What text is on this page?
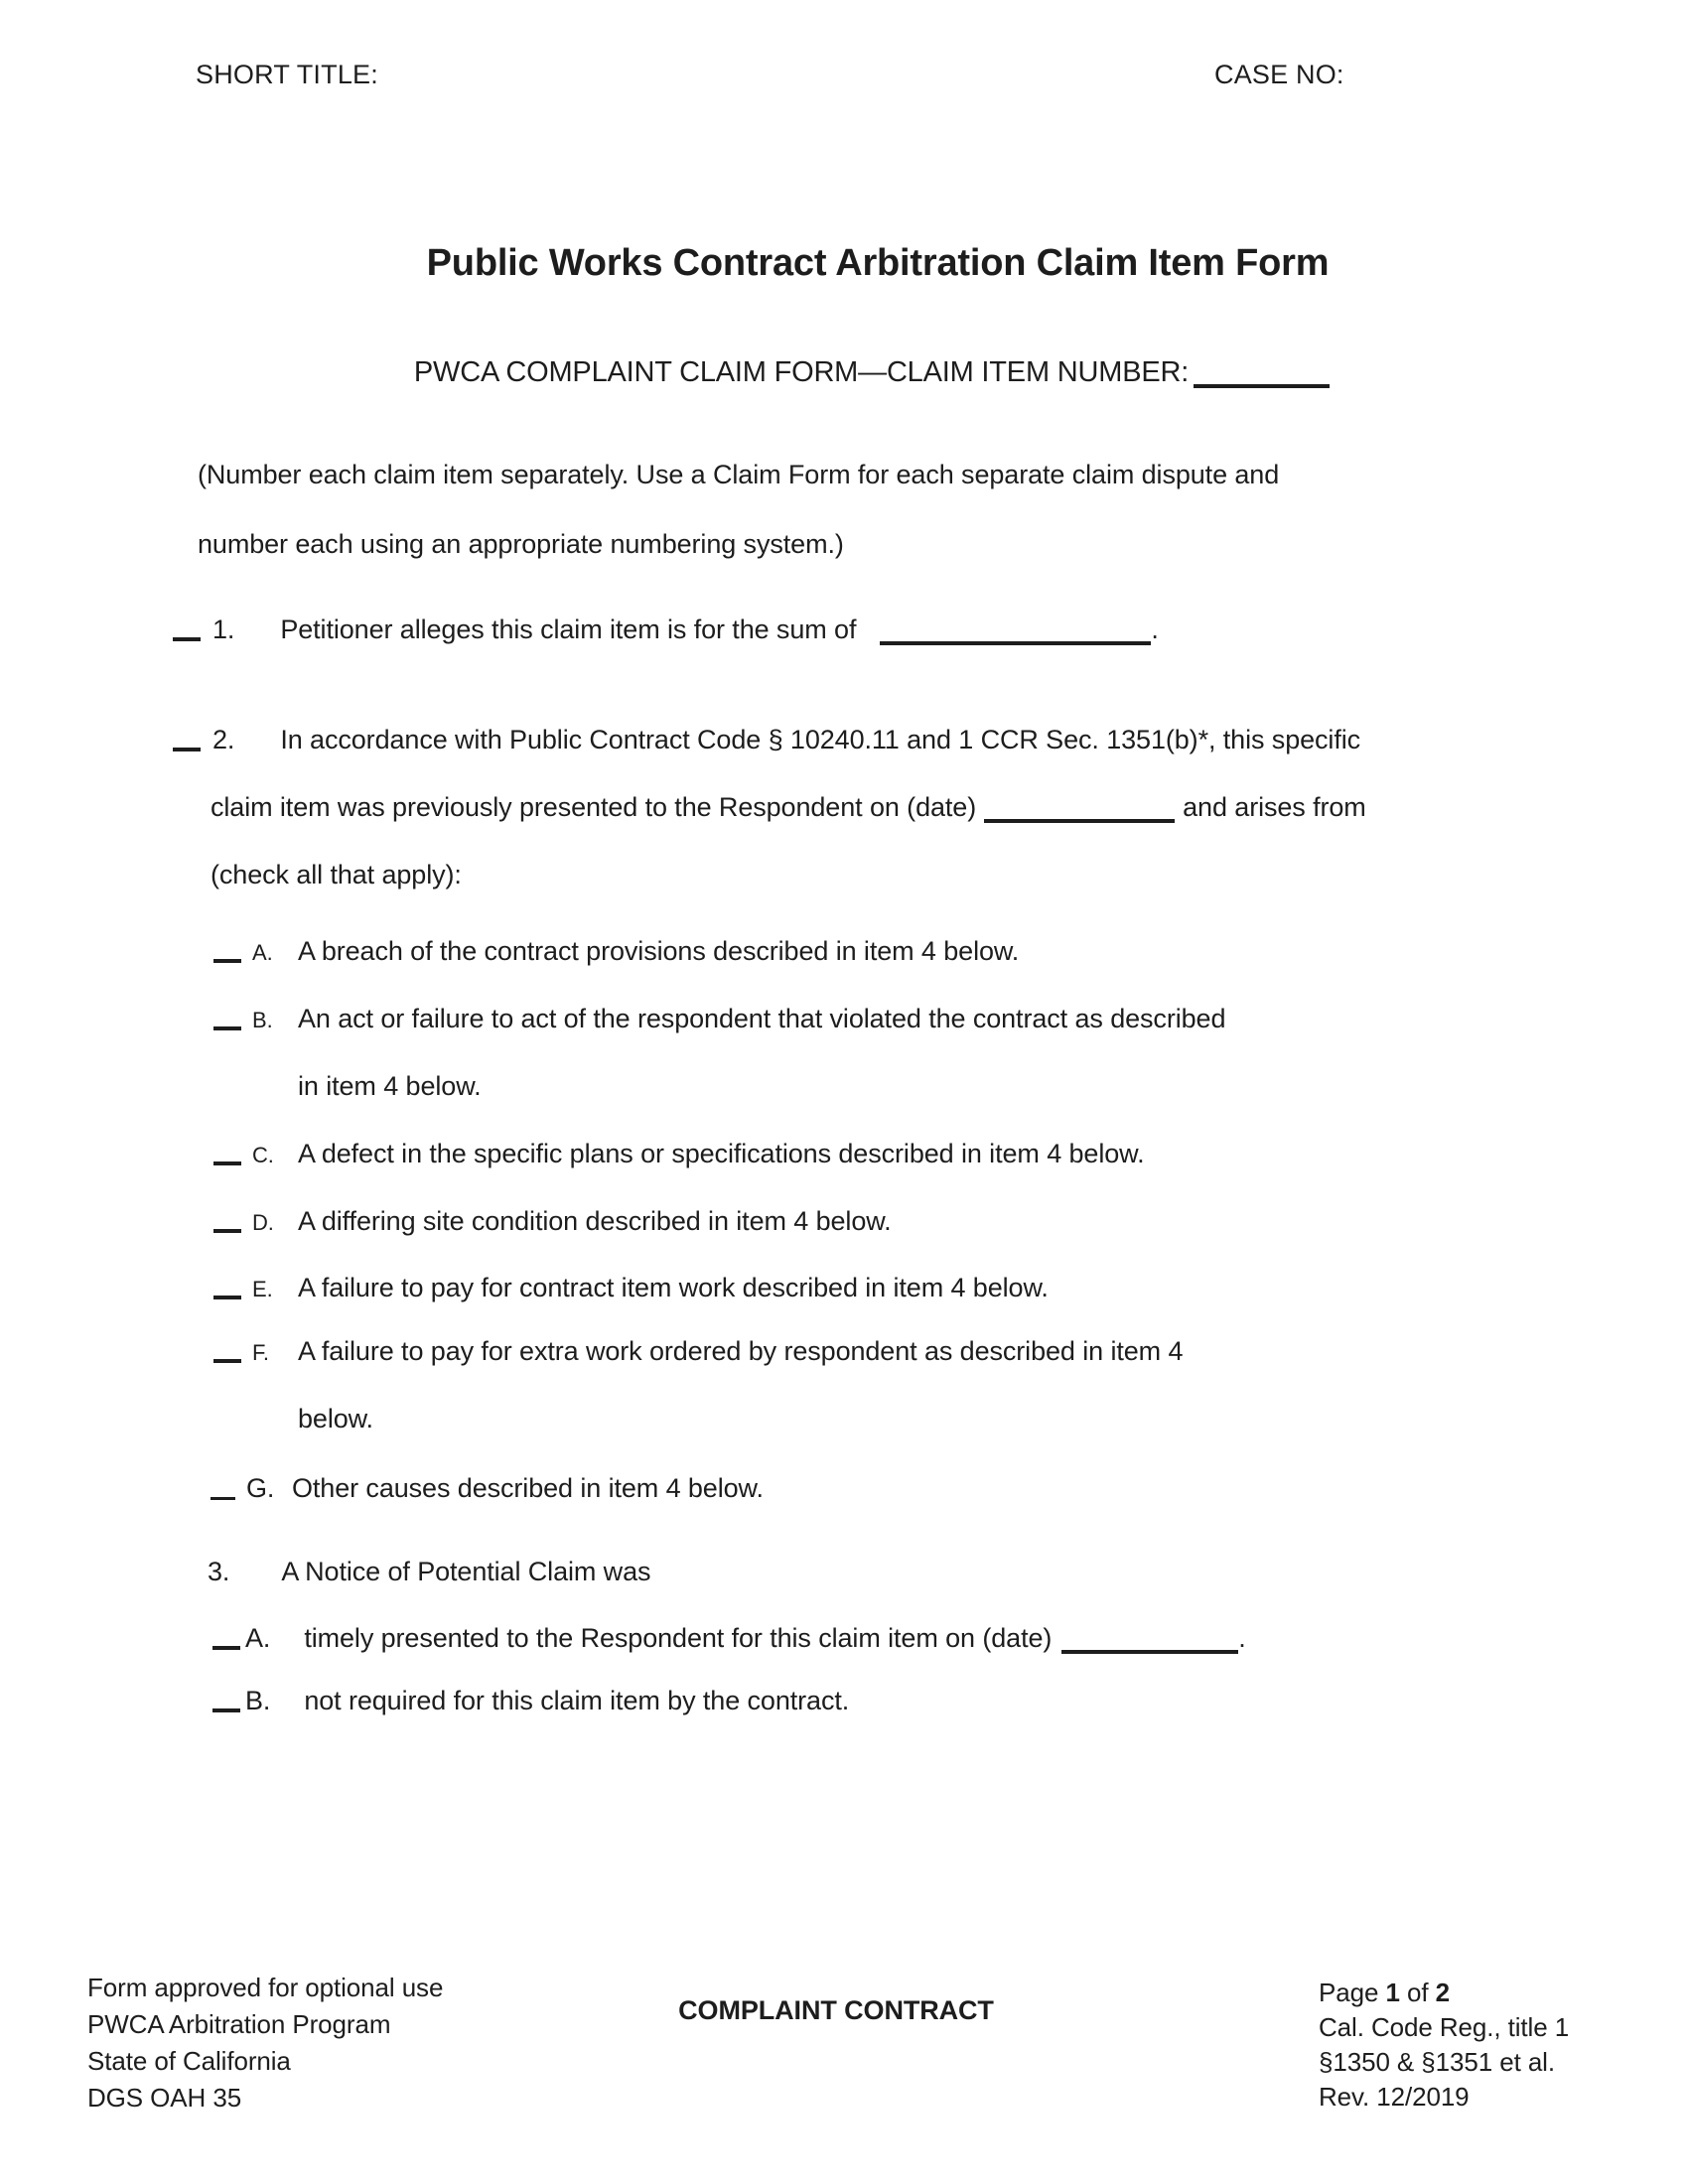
SHORT TITLE:	CASE NO:
Public Works Contract Arbitration Claim Item Form
PWCA COMPLAINT CLAIM FORM—CLAIM ITEM NUMBER:
(Number each claim item separately. Use a Claim Form for each separate claim dispute and
number each using an appropriate numbering system.)
1. Petitioner alleges this claim item is for the sum of	.
2. In accordance with Public Contract Code § 10240.11 and 1 CCR Sec. 1351(b)*, this specific
claim item was previously presented to the Respondent on (date)	and arises from
(check all that apply):
A. A breach of the contract provisions described in item 4 below.
B. An act or failure to act of the respondent that violated the contract as described
in item 4 below.
C. A defect in the specific plans or specifications described in item 4 below.
D. A differing site condition described in item 4 below.
E. A failure to pay for contract item work described in item 4 below.
F. A failure to pay for extra work ordered by respondent as described in item 4
below.
G. Other causes described in item 4 below.
3. A Notice of Potential Claim was
A. timely presented to the Respondent for this claim item on (date)	.
B. not required for this claim item by the contract.
Form approved for optional use
PWCA Arbitration Program
State of California
DGS OAH 35
COMPLAINT CONTRACT
Page 1 of 2
Cal. Code Reg., title 1
§1350 & §1351 et al.
Rev. 12/2019
